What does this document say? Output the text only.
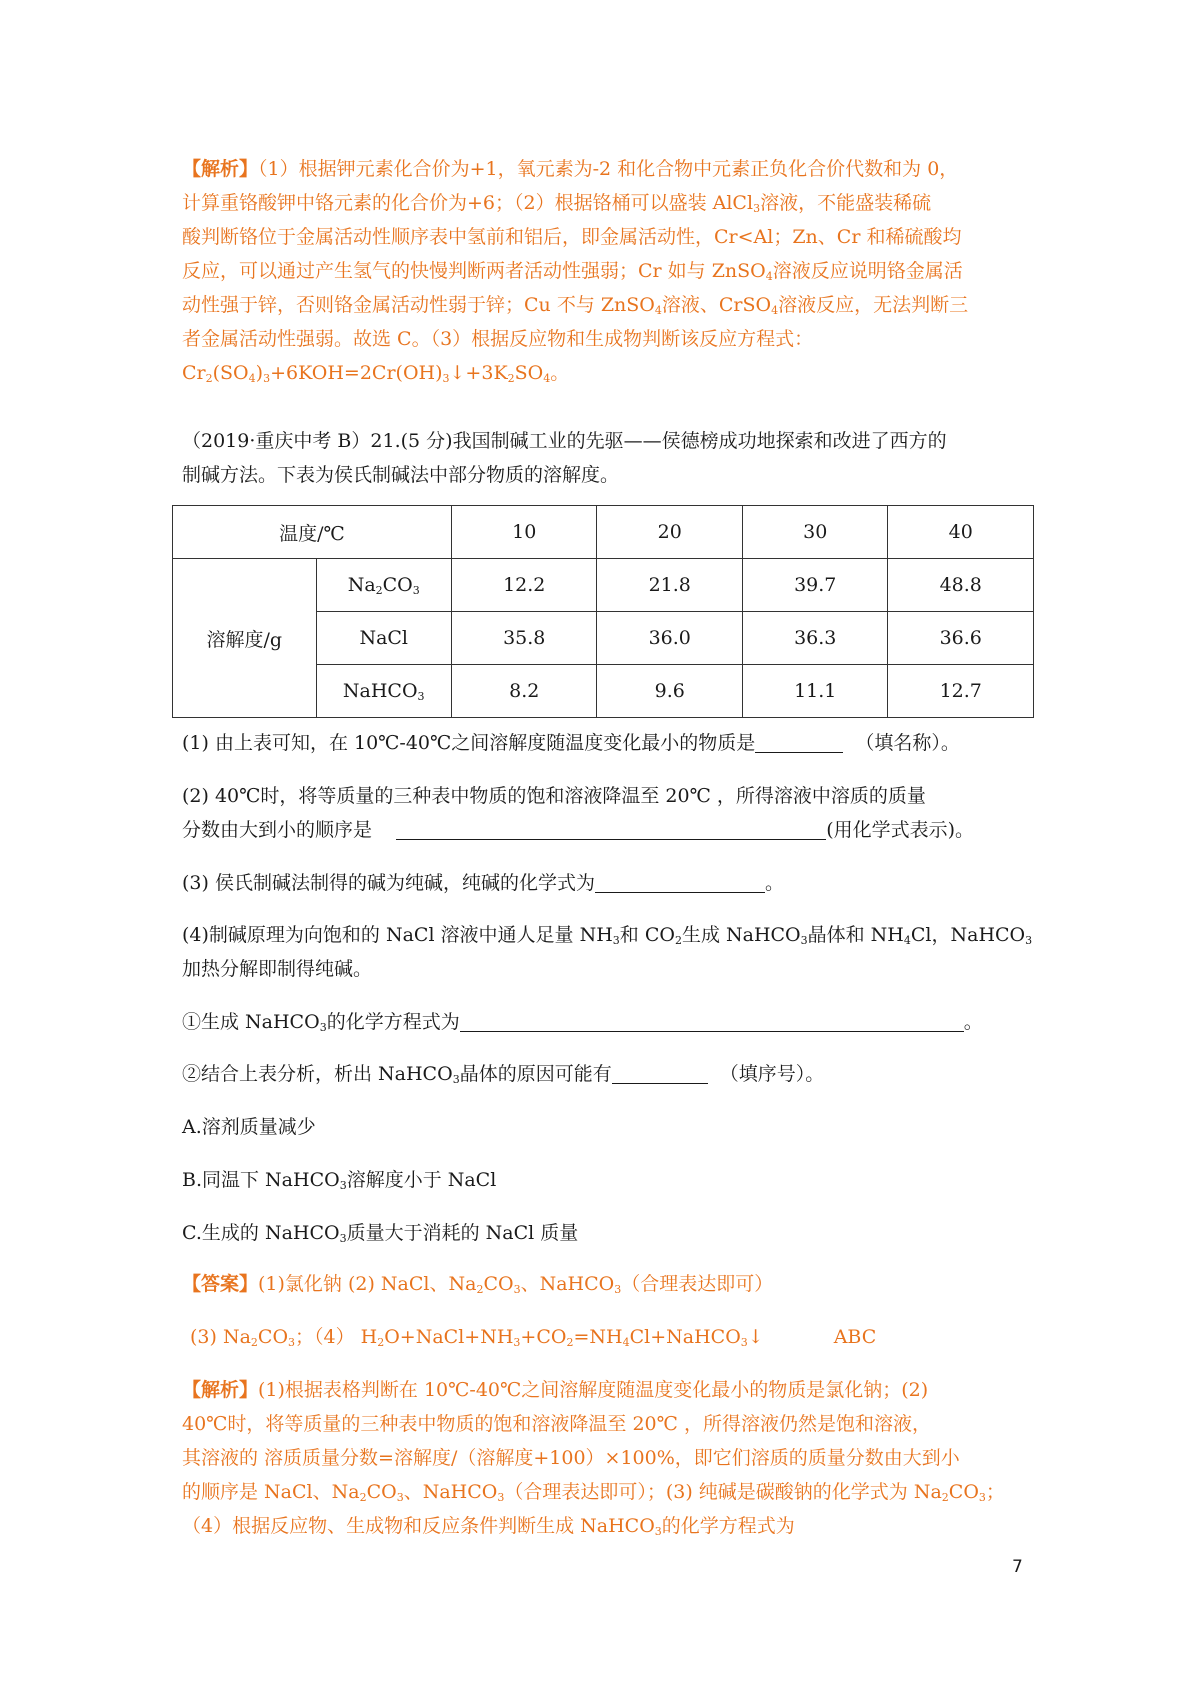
【解析】（1）根据钾元素化合价为+1，氧元素为-2 和化合物中元素正负化合价代数和为 0，
计算重铬酸钾中铬元素的化合价为+6；（2）根据铬桶可以盛装 AlCl$_3$溶液，不能盛装稀硫
酸判断铬位于金属活动性顺序表中氢前和铝后，即金属活动性，Cr<Al；Zn、Cr 和稀硫酸均
反应，可以通过产生氢气的快慢判断两者活动性强弱；Cr 如与 ZnSO$_4$溶液反应说明铬金属活
动性强于锌，否则铬金属活动性弱于锌；Cu 不与 ZnSO$_4$溶液、CrSO$_4$溶液反应，无法判断三
者金属活动性强弱。故选 C。（3）根据反应物和生成物判断该反应方程式：
$Cr_2(SO_4)_3+6KOH=2Cr(OH)_3↓+3K_2SO_4$。
（2019·重庆中考 B）21.(5 分)我国制碱工业的先驱——侯德榜成功地探索和改进了西方的
制碱方法。下表为侯氏制碱法中部分物质的溶解度。
温度/℃		10	20	30	40
溶解度/g	$Na_2CO_3$	12.2	21.8	39.7	48.8
	NaCl	35.8	36.0	36.3	36.6
	NaHCO$_3$	8.2	9.6	11.1	12.7
(1) 由上表可知，在 10℃-40℃之间溶解度随温度变化最小的物质是	（填名称）。
(2) 40℃时，将等质量的三种表中物质的饱和溶液降温至 20℃ ，所得溶液中溶质的质量
分数由大到小的顺序是	(用化学式表示)。
(3) 侯氏制碱法制得的碱为纯碱，纯碱的化学式为	。
(4)制碱原理为向饱和的 NaCl 溶液中通人足量 $NH_3$和 $CO_2$生成 NaHCO$_3$晶体和 $NH_4Cl$，NaHCO$_3$
加热分解即制得纯碱。
①生成 NaHCO$_3$的化学方程式为	。
②结合上表分析，析出 NaHCO$_3$晶体的原因可能有	（填序号）。
A.溶剂质量减少
B.同温下 NaHCO$_3$溶解度小于 NaCl
C.生成的 NaHCO$_3$质量大于消耗的 NaCl 质量
【答案】(1)氯化钠 (2) NaCl、$Na_2CO_3$、NaHCO$_3$（合理表达即可）
(3) $Na_2CO_3$；（4） $H_2O+NaCl+NH_3+CO_2=NH_4Cl+NaHCO_3↓$	ABC
【解析】(1)根据表格判断在 10℃-40℃之间溶解度随温度变化最小的物质是氯化钠；(2)
40℃时，将等质量的三种表中物质的饱和溶液降温至 20℃ ，所得溶液仍然是饱和溶液，
其溶液的 溶质质量分数=溶解度/（溶解度+100）×100%，即它们溶质的质量分数由大到小
的顺序是 NaCl、$Na_2CO_3$、NaHCO$_3$（合理表达即可）；(3) 纯碱是碳酸钠的化学式为 $Na_2CO_3$；
（4）根据反应物、生成物和反应条件判断生成 NaHCO$_3$的化学方程式为
7
